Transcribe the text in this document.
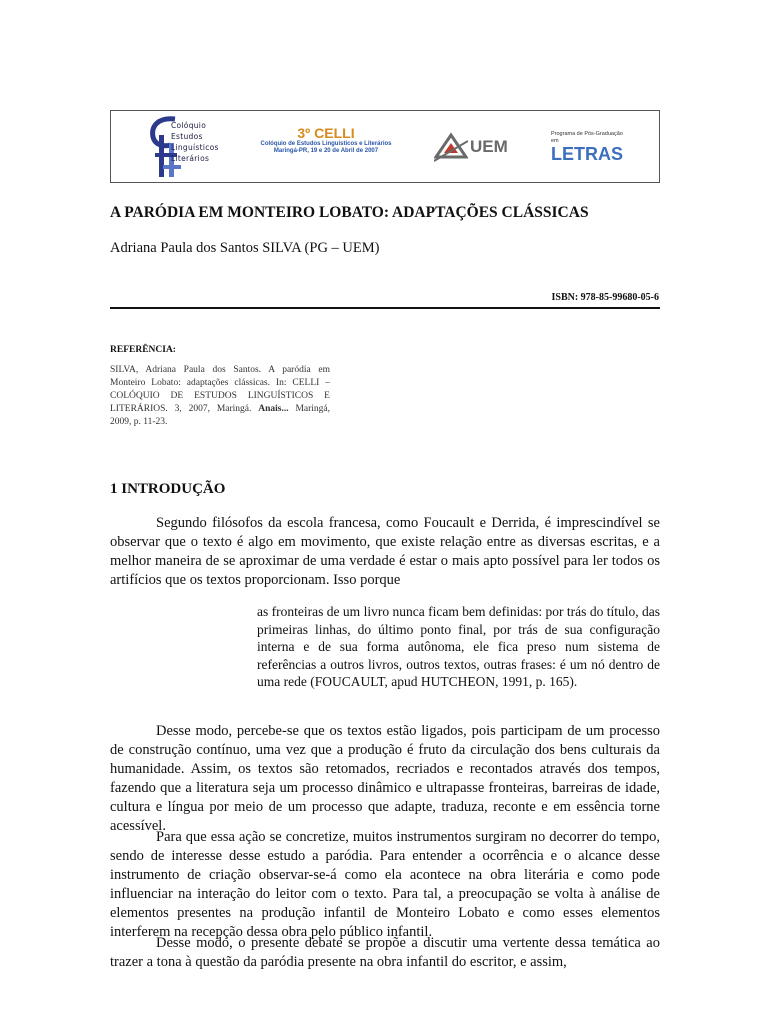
Colóquio
Estudos
Linguísticos
Literários
3º CELLI
Colóquio de Estudos Linguísticos e Literários
Maringá-PR, 19 e 20 de Abril de 2007	UEM
Programa de Pós-Graduação em
LETRAS
A PARÓDIA EM MONTEIRO LOBATO: ADAPTAÇÕES CLÁSSICAS
Adriana Paula dos Santos SILVA (PG – UEM)
ISBN: 978-85-99680-05-6
REFERÊNCIA:
SILVA, Adriana Paula dos Santos. A paródia em Monteiro Lobato: adaptações clássicas. In: CELLI – COLÓQUIO DE ESTUDOS LINGUÍSTICOS E LITERÁRIOS. 3, 2007, Maringá. Anais... Maringá, 2009, p. 11-23.
1 INTRODUÇÃO
Segundo filósofos da escola francesa, como Foucault e Derrida, é imprescindível se observar que o texto é algo em movimento, que existe relação entre as diversas escritas, e a melhor maneira de se aproximar de uma verdade é estar o mais apto possível para ler todos os artifícios que os textos proporcionam. Isso porque
as fronteiras de um livro nunca ficam bem definidas: por trás do título, das primeiras linhas, do último ponto final, por trás de sua configuração interna e de sua forma autônoma, ele fica preso num sistema de referências a outros livros, outros textos, outras frases: é um nó dentro de uma rede (FOUCAULT, apud HUTCHEON, 1991, p. 165).
Desse modo, percebe-se que os textos estão ligados, pois participam de um processo de construção contínuo, uma vez que a produção é fruto da circulação dos bens culturais da humanidade. Assim, os textos são retomados, recriados e recontados através dos tempos, fazendo que a literatura seja um processo dinâmico e ultrapasse fronteiras, barreiras de idade, cultura e língua por meio de um processo que adapte, traduza, reconte e em essência torne acessível.
Para que essa ação se concretize, muitos instrumentos surgiram no decorrer do tempo, sendo de interesse desse estudo a paródia. Para entender a ocorrência e o alcance desse instrumento de criação observar-se-á como ela acontece na obra literária e como pode influenciar na interação do leitor com o texto. Para tal, a preocupação se volta à análise de elementos presentes na produção infantil de Monteiro Lobato e como esses elementos interferem na recepção dessa obra pelo público infantil.
Desse modo, o presente debate se propõe a discutir uma vertente dessa temática ao trazer a tona à questão da paródia presente na obra infantil do escritor, e assim,
